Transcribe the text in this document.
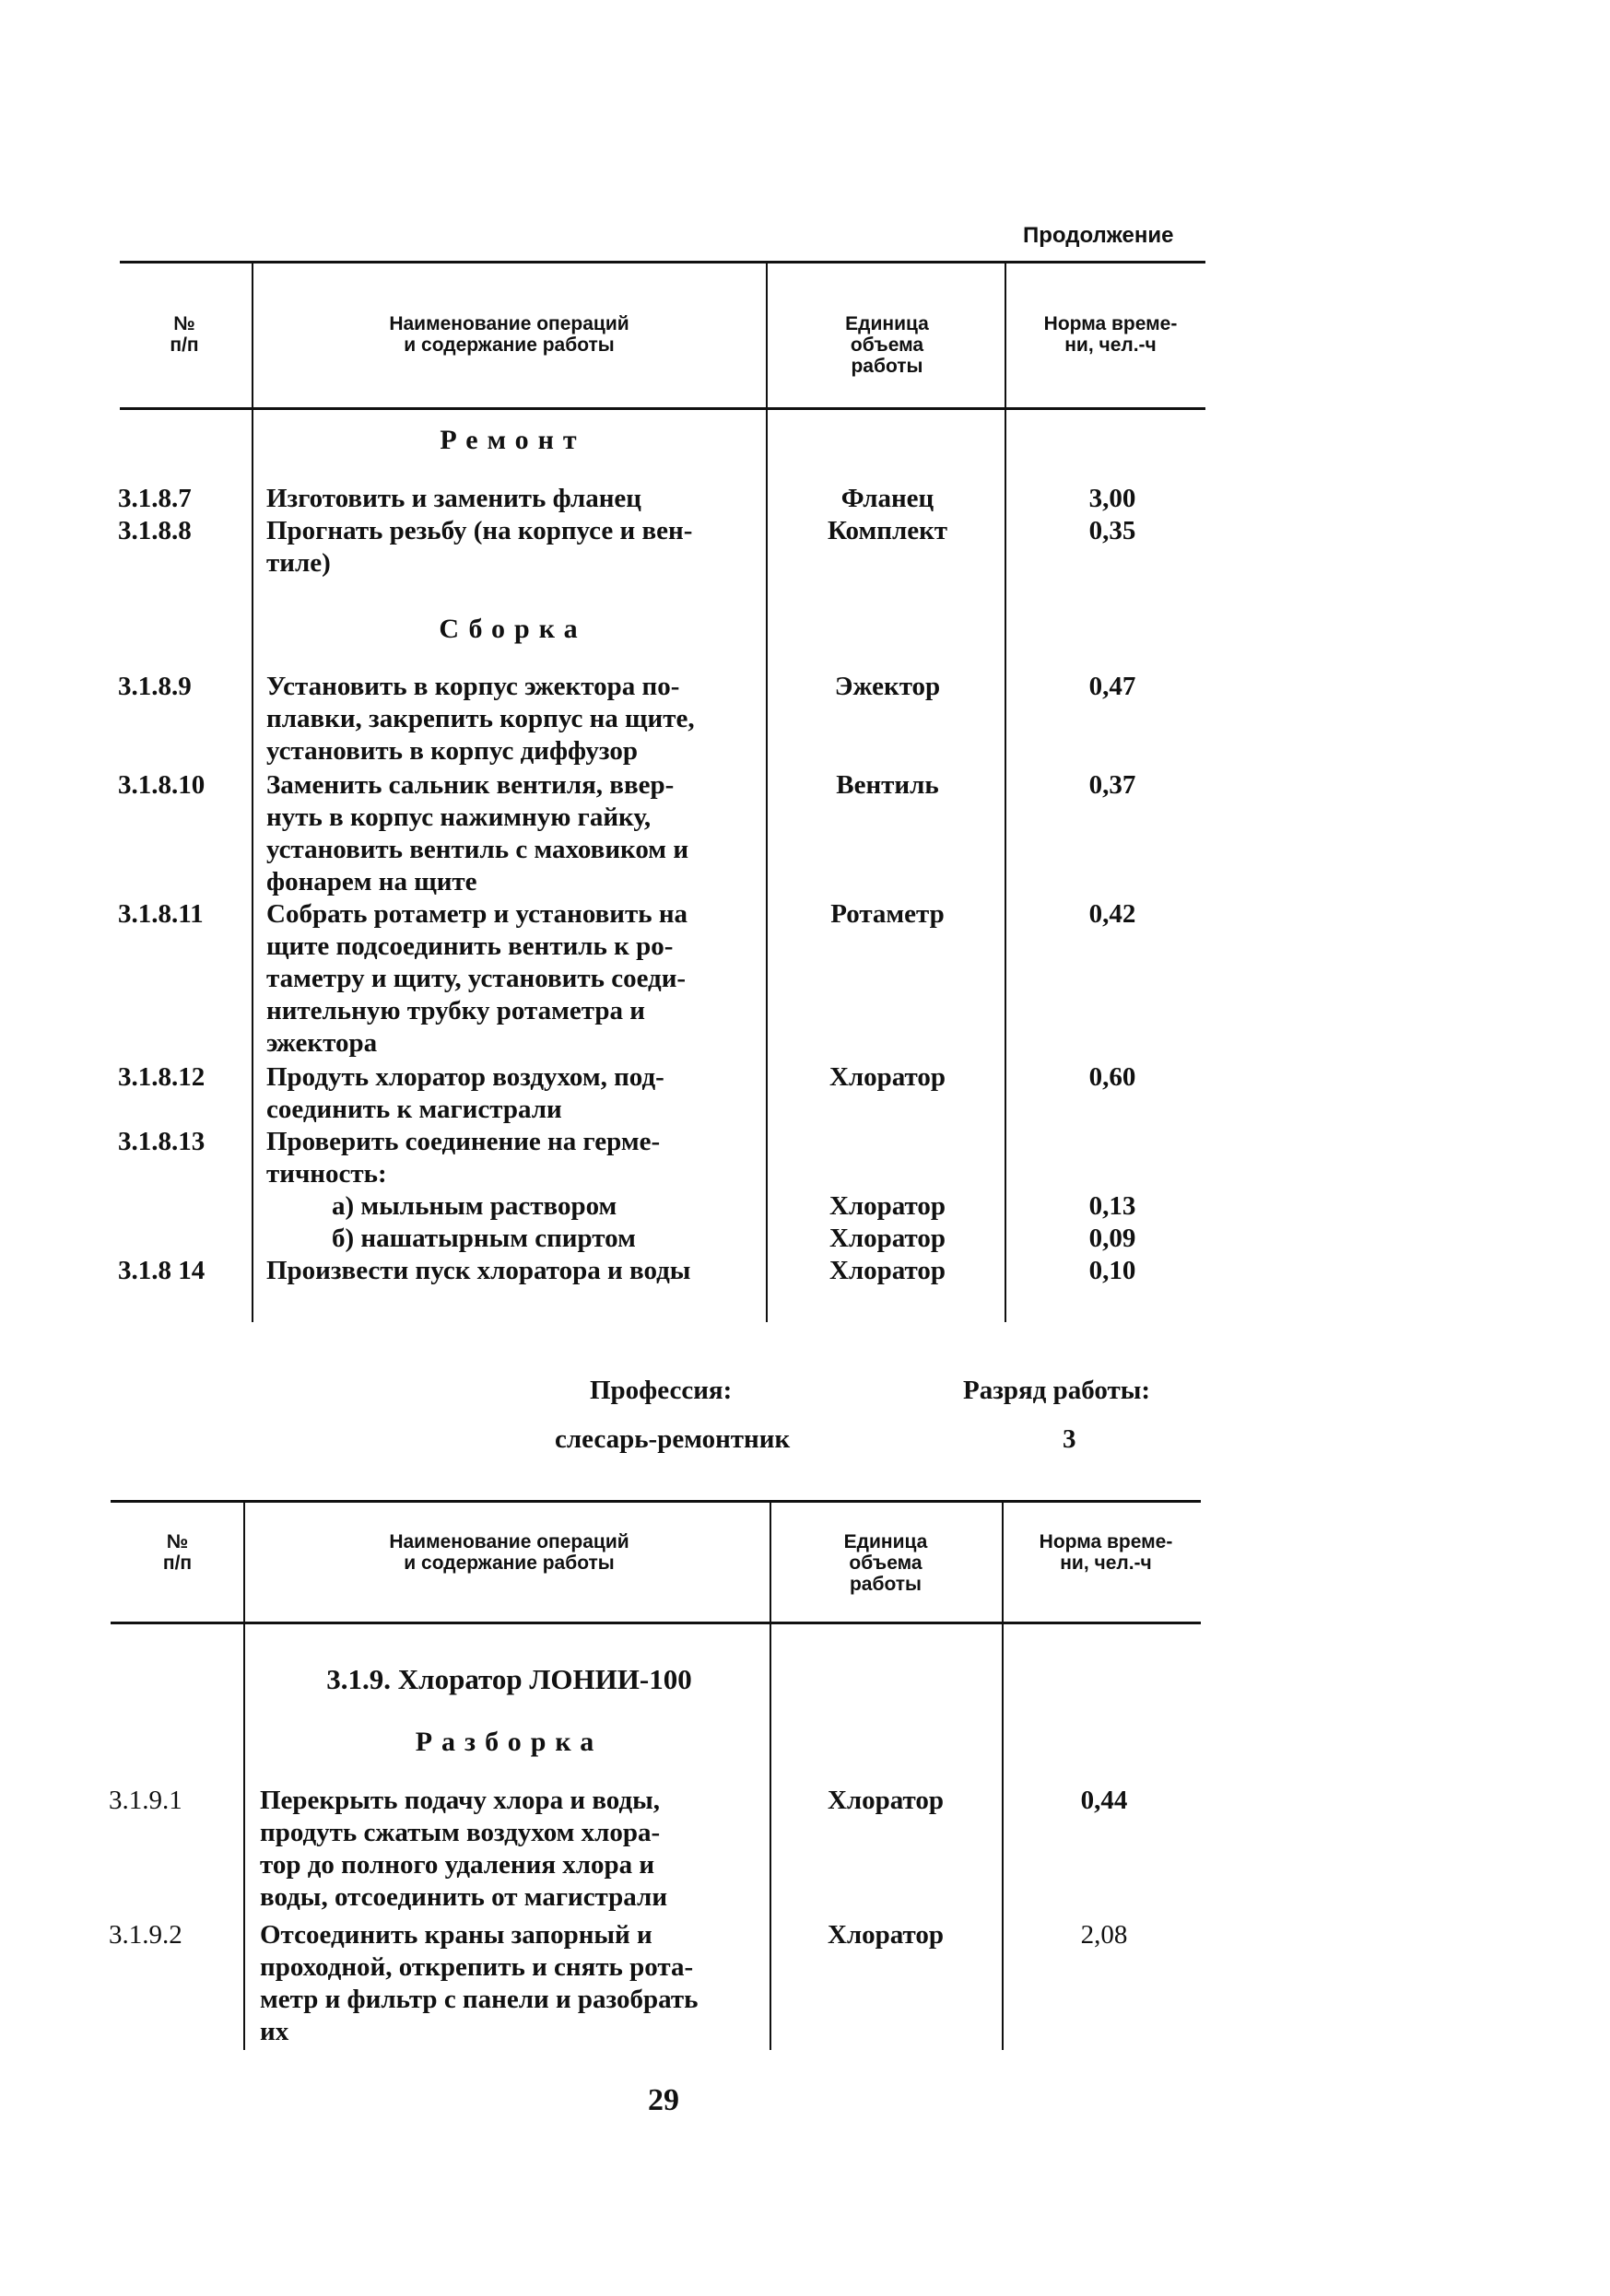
Продолжение
№
п/п
Наименование операций
и содержание работы
Единица
объема
работы
Норма време-
ни, чел.-ч
Ремонт
3.1.8.7	Изготовить и заменить фланец	Фланец	3,00
3.1.8.8	Прогнать резьбу (на корпусе и вен-
тиле)
Комплект	0,35
Сборка
3.1.8.9	Установить в корпус эжектора по-
плавки, закрепить корпус на щите,
установить в корпус диффузор
Эжектор	0,47
3.1.8.10 Заменить сальник вентиля, ввер-
нуть в корпус нажимную гайку,
установить вентиль с маховиком и
фонарем на щите
Вентиль	0,37
3.1.8.11 Собрать ротаметр и установить на
щите подсоединить вентиль к ро-
таметру и щиту, установить соеди-
нительную трубку ротаметра и
эжектора
Ротаметр	0,42
3.1.8.12 Продуть хлоратор воздухом, под-
соединить к магистрали
Хлоратор	0,60
3.1.8.13 Проверить соединение на герме-
тичность:
а) мыльным раствором	Хлоратор	0,13
б) нашатырным спиртом	Хлоратор	0,09
3.1.8 14 Произвести пуск хлоратора и воды	Хлоратор	0,10
Профессия:	Разряд работы:
слесарь-ремонтник	3
№
п/п
Наименование операций
и содержание работы
Единица
объема
работы
Норма време-
ни, чел.-ч
3.1.9. Хлоратор ЛОНИИ-100
Разборка
3.1.9.1	Перекрыть подачу хлора и воды,
продуть сжатым воздухом хлора-
тор до полного удаления хлора и
воды, отсоединить от магистрали
Хлоратор	0,44
3.1.9.2	Отсоединить краны запорный и
проходной, открепить и снять рота-
метр и фильтр с панели и разобрать
их
Хлоратор	2,08
29
